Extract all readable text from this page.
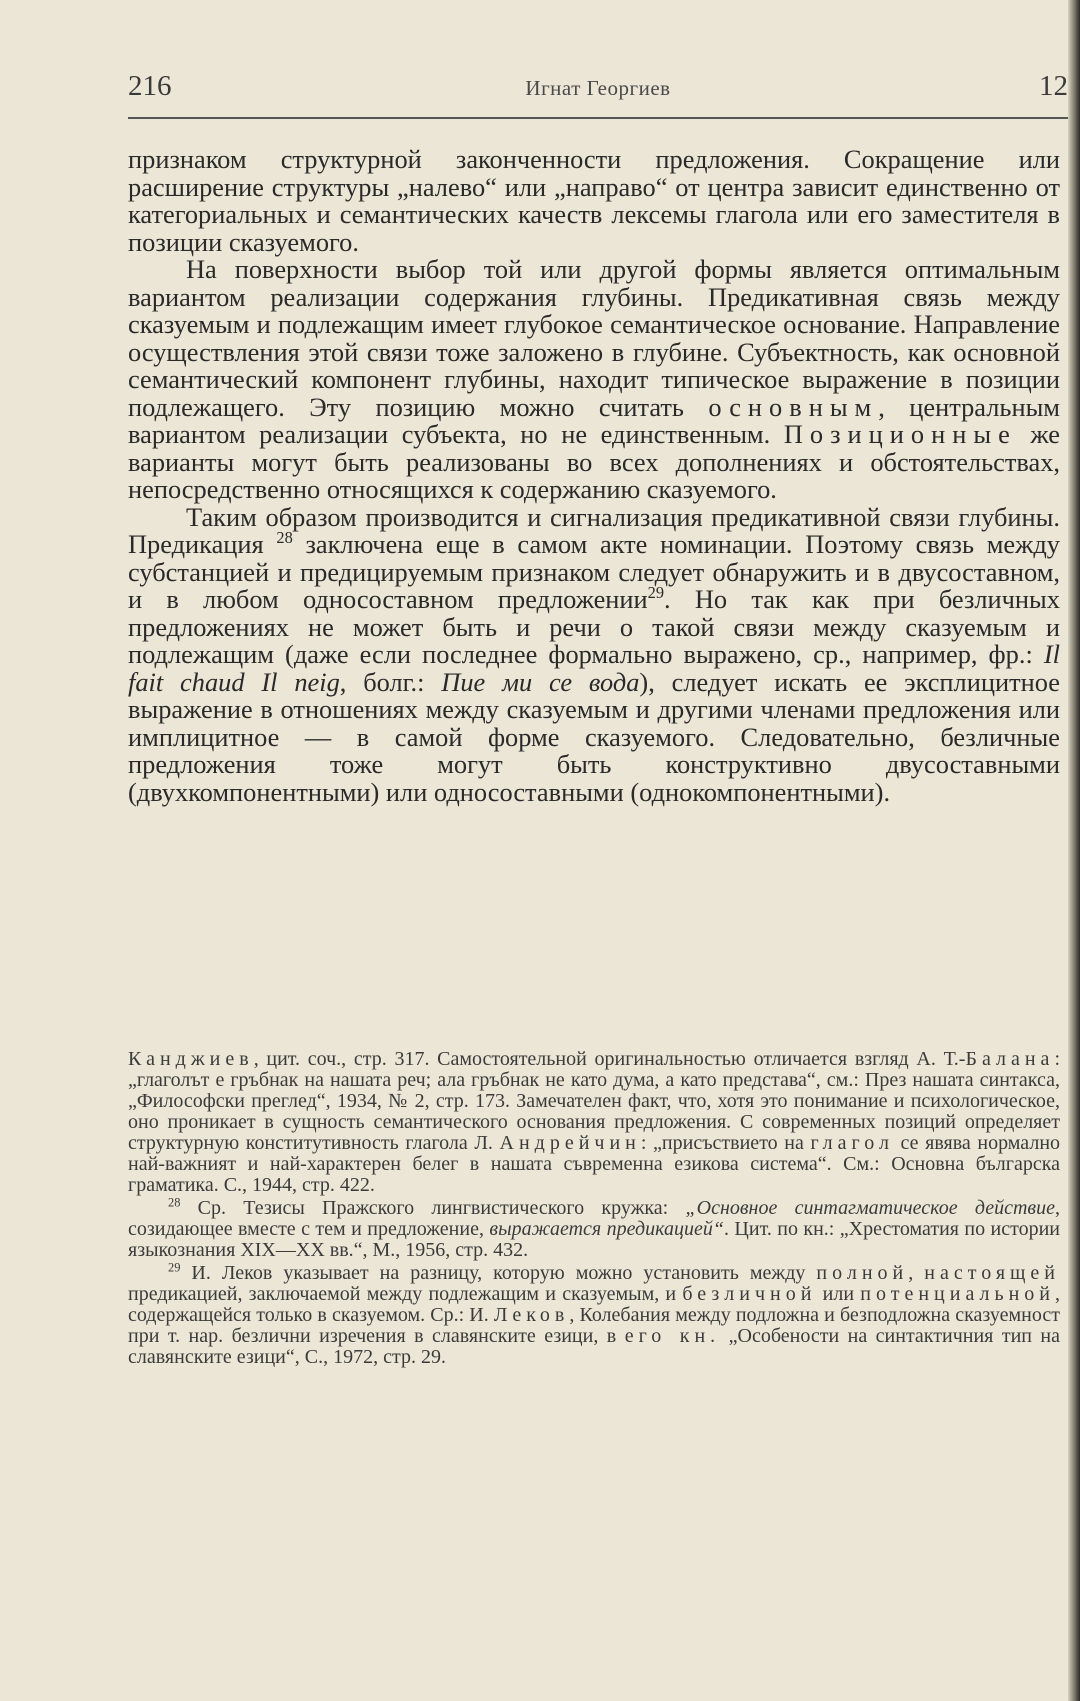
216	Игнат Георгиев	12

признаком структурной законченности предложения. Сокращение или расширение структуры „налево“ или „направо“ от центра зависит единственно от категориальных и семантических качеств лексемы глагола или его заместителя в позиции сказуемого.

На поверхности выбор той или другой формы является оптимальным вариантом реализации содержания глубины. Предикативная связь между сказуемым и подлежащим имеет глубокое семантическое основание. Направление осуществления этой связи тоже заложено в глубине. Субъектность, как основной семантический компонент глубины, находит типическое выражение в позиции подлежащего. Эту позицию можно считать основным, центральным вариантом реализации субъекта, но не единственным. Позиционные же варианты могут быть реализованы во всех дополнениях и обстоятельствах, непосредственно относящихся к содержанию сказуемого.

Таким образом производится и сигнализация предикативной связи глубины. Предикация $^{28}$ заключена еще в самом акте номинации. Поэтому связь между субстанцией и предицируемым признаком следует обнаружить и в двусоставном, и в любом односоставном предложении$^{29}$. Но так как при безличных предложениях не может быть и речи о такой связи между сказуемым и подлежащим (даже если последнее формально выражено, ср., например, фр.: Il fait chaud Il neig, болг.: Пие ми се вода), следует искать ее эксплицитное выражение в отношениях между сказуемым и другими членами предложения или имплицитное — в самой форме сказуемого. Следовательно, безличные предложения тоже могут быть конструктивно двусоставными (двухкомпонентными) или односоставными (однокомпонентными).

Канджиев, цит. соч., стр. 317. Самостоятельной оригинальностью отличается взгляд А. Т.-Балана: „глаголът е гръбнак на нашата реч; ала гръбнак не като дума, а като представа“, см.: През нашата синтакса, „Философски преглед“, 1934, № 2, стр. 173. Замечателен факт, что, хотя это понимание и психологическое, оно проникает в сущность семантического основания предложения. С современных позиций определяет структурную конститутивность глагола Л. Андрейчин: „присъствието на глагол се явява нормално най-важният и най-характерен белег в нашата съвременна езикова система“. См.: Основна българска граматика. С., 1944, стр. 422.

$^{28}$ Ср. Тезисы Пражского лингвистического кружка: „Основное синтагматическое действие, созидающее вместе с тем и предложение, выражается предикацией“. Цит. по кн.: „Хрестоматия по истории языкознания XIX—XX вв.“, М., 1956, стр. 432.

$^{29}$ И. Леков указывает на разницу, которую можно установить между полной, настоящей предикацией, заключаемой между подлежащим и сказуемым, и безличной или потенциальной, содержащейся только в сказуемом. Ср.: И. Леков, Колебания между подложна и безподложна сказуемност при т. нар. безлични изречения в славянските езици, в его кн. „Особености на синтактичния тип на славянските езици“, С., 1972, стр. 29.
